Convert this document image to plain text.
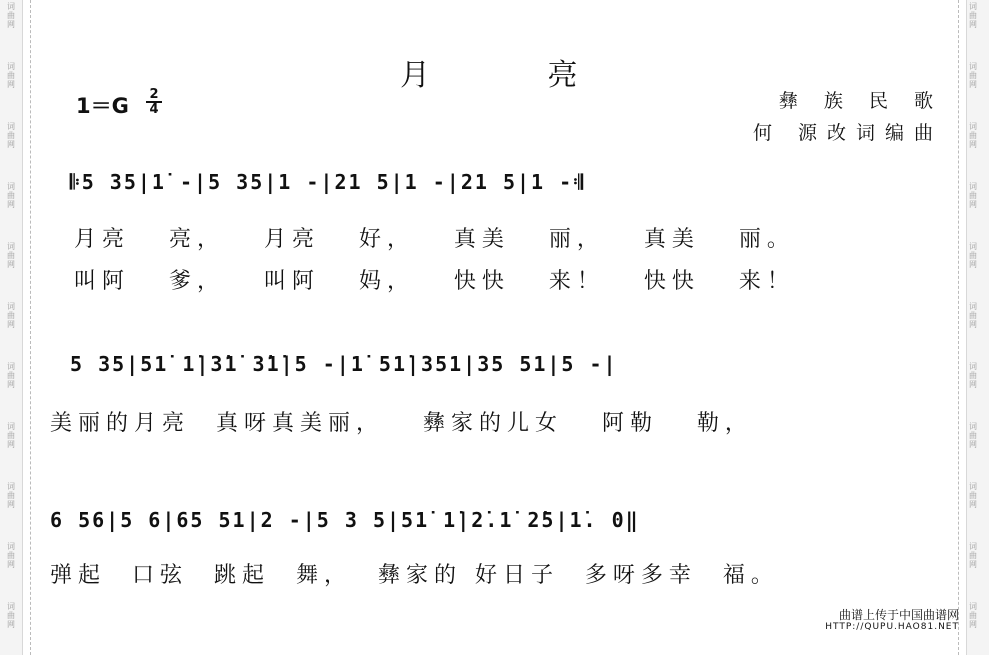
词
曲
网
词
曲
网
词
曲
网
词
曲
网
词
曲
网
词
曲
网
词
曲
网
词
曲
网
词
曲
网
词
曲
网
词
曲
网
词
曲
网
词
曲
网
词
曲
网
词
曲
网
词
曲
网
词
曲
网
词
曲
网
词
曲
网
词
曲
网
词
曲
网
词
曲
网
月 亮
1＝G 2
4	彝 族 民 歌
何 源改词编曲
𝄆5 35|1̇ -|5 35|1 -|21 5|1 -|21 5|1 -𝄇
月亮   亮，   月亮   好，   真美   丽，   真美   丽。
叫阿   爹，   叫阿   妈，   快快   来！   快快   来！
5 35|51̇ 1̇|3̇1̇ 3̇1̇|5 -|1̇ 51̇|351|35 51|5 -|
美丽的月亮  真呀真美丽，   彝家的儿女   阿勒   勒，
6 56|5 6|65 51|2 -|5 3 5|51̇ 1̇|2̇.1̇ 2̇5|1̇. 0‖
弹起  口弦  跳起  舞，  彝家的 好日子  多呀多幸  福。
曲谱上传于中国曲谱网
HTTP://QUPU.HAO81.NET
